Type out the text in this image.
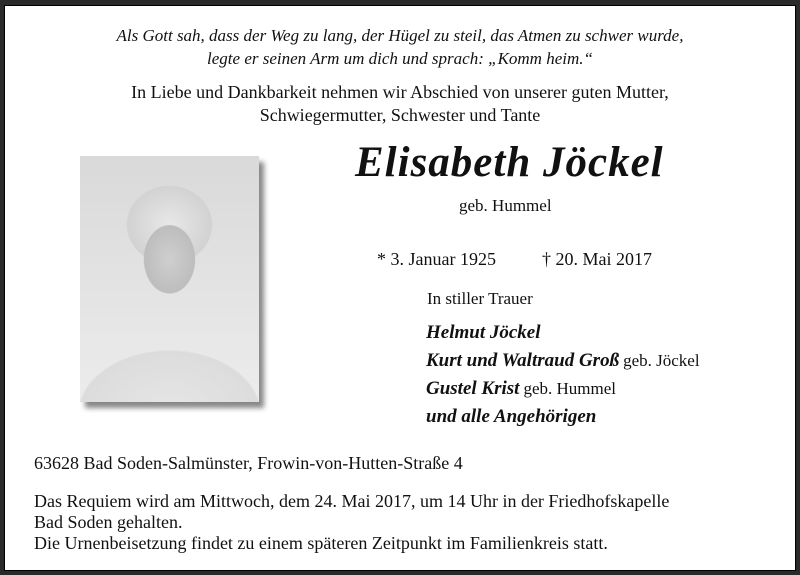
Als Gott sah, dass der Weg zu lang, der Hügel zu steil, das Atmen zu schwer wurde,
legte er seinen Arm um dich und sprach: „Komm heim.“
In Liebe und Dankbarkeit nehmen wir Abschied von unserer guten Mutter,
Schwiegermutter, Schwester und Tante
Elisabeth Jöckel
geb. Hummel
* 3. Januar 1925	† 20. Mai 2017
In stiller Trauer
Helmut Jöckel
Kurt und Waltraud Groß geb. Jöckel
Gustel Krist geb. Hummel
und alle Angehörigen
63628 Bad Soden-Salmünster, Frowin-von-Hutten-Straße 4
Das Requiem wird am Mittwoch, dem 24. Mai 2017, um 14 Uhr in der Friedhofskapelle
Bad Soden gehalten.
Die Urnenbeisetzung findet zu einem späteren Zeitpunkt im Familienkreis statt.
